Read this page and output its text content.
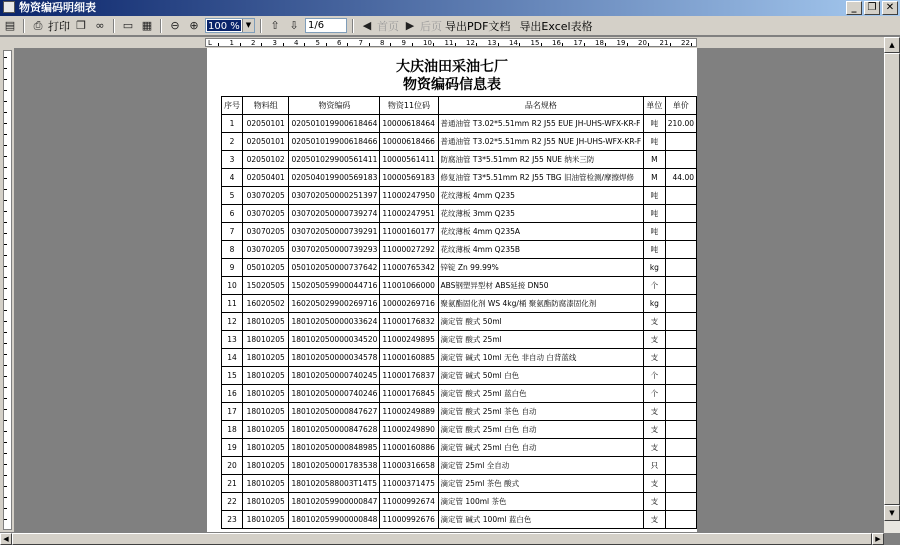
物资编码明细表	_	❐ ✕
▤	⎙ 打印 ❐ ∞	▭ ▦	⊖ ⊕ 100 % ▼	⇧ ⇩ 1/6	◀ 首页 ▶ 后页 导出PDF文档 导出Excel表格
L	1 2 3 4 5 6 7 8 9 10 11 12 13 14 15 16 17 18 19 20 21 22	▲
▼
◀	▶
大庆油田采油七厂
物资编码信息表
序号	物料组	物资编码	物资11位码	品名规格	单位	单价
1	02050101	020501019900618464	10000618464	普通油管 T3.02*5.51mm R2 J55 EUE JH-UHS-WFX-KR-F	吨	210.00
2	02050101	020501019900618466	10000618466	普通油管 T3.02*5.51mm R2 J55 NUE JH-UHS-WFX-KR-F	吨	
3	02050102	020501029900561411	10000561411	防腐油管 T3*5.51mm R2 J55 NUE 纳米三防	M	
4	02050401	020504019900569183	10000569183	修复油管 T3*5.51mm R2 J55 TBG 旧油管检测/摩擦焊修	M	44.00
5	03070205	030702050000251397	11000247950	花纹薄板 4mm Q235	吨	
6	03070205	030702050000739274	11000247951	花纹薄板 3mm Q235	吨	
7	03070205	030702050000739291	11000160177	花纹薄板 4mm Q235A	吨	
8	03070205	030702050000739293	11000027292	花纹薄板 4mm Q235B	吨	
9	05010205	050102050000737642	11000765342	锌锭 Zn 99.99%	kg	
10	15020505	150205059900044716	11001066000	ABS钢塑异型材 ABS延接 DN50	个	
11	16020502	160205029900269716	10000269716	聚氨酯固化剂 WS 4kg/桶 聚氨酯防腐漆固化剂	kg	
12	18010205	180102050000033624	11000176832	滴定管 酸式 50ml	支	
13	18010205	180102050000034520	11000249895	滴定管 酸式 25ml	支	
14	18010205	180102050000034578	11000160885	滴定管 碱式 10ml 无色 非自动 白背蓝线	支	
15	18010205	180102050000740245	11000176837	滴定管 碱式 50ml 白色	个	
16	18010205	180102050000740246	11000176845	滴定管 酸式 25ml 蓝白色	个	
17	18010205	180102050000847627	11000249889	滴定管 酸式 25ml 茶色 自动	支	
18	18010205	180102050000847628	11000249890	滴定管 酸式 25ml 白色 自动	支	
19	18010205	180102050000848985	11000160886	滴定管 碱式 25ml 白色 自动	支	
20	18010205	180102050001783538	11000316658	滴定管 25ml 全自动	只	
21	18010205	1801020588003T14T5	11000371475	滴定管 25ml 茶色 酸式	支	
22	18010205	180102059900000847	11000992674	滴定管 100ml 茶色	支	
23	18010205	180102059900000848	11000992676	滴定管 碱式 100ml 蓝白色	支	
